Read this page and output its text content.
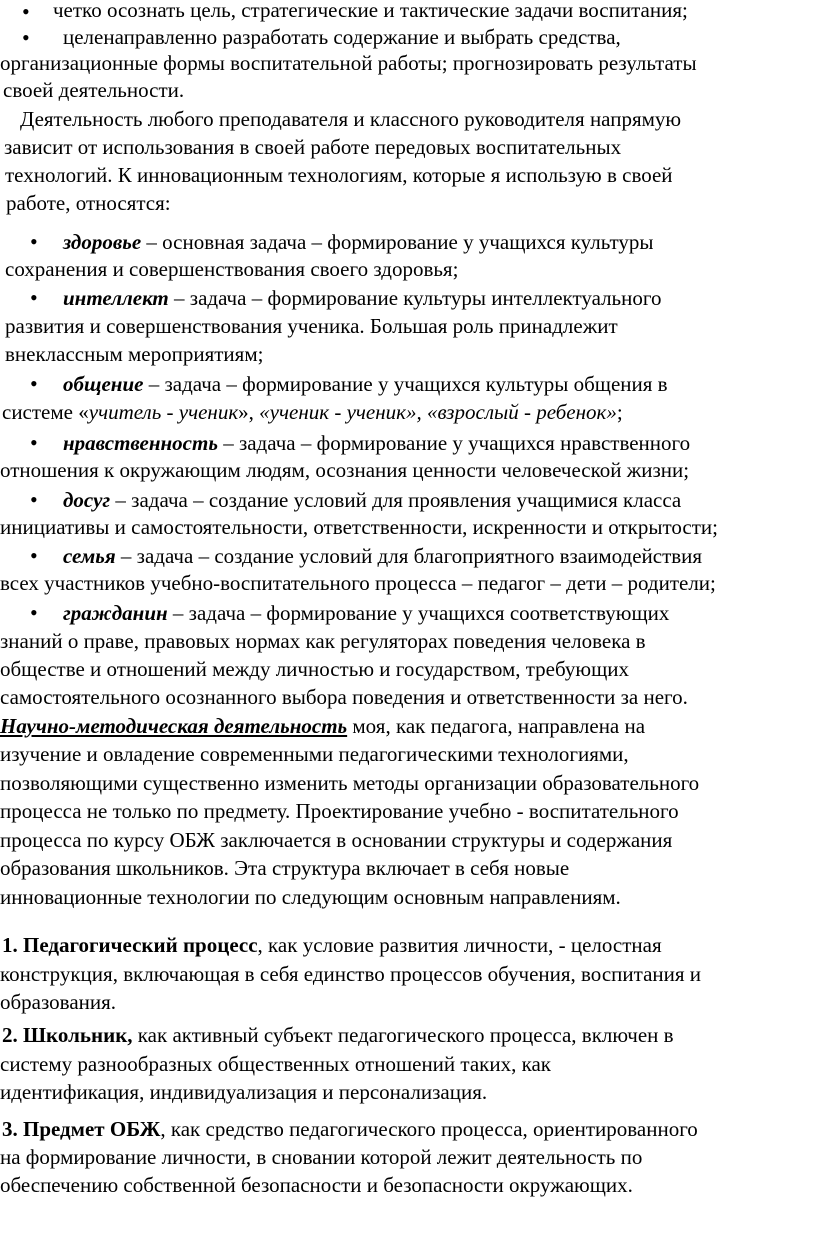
• четко осознать цель, стратегические и тактические задачи воспитания;
• целенаправленно разработать содержание и выбрать средства,
организационные формы воспитательной работы; прогнозировать результаты
своей деятельности.
Деятельность любого преподавателя и классного руководителя напрямую
зависит от использования в своей работе передовых воспитательных
технологий. К инновационным технологиям, которые я использую в своей
работе, относятся:
• здоровье – основная задача – формирование у учащихся культуры
сохранения и совершенствования своего здоровья;
• интеллект – задача – формирование культуры интеллектуального
развития и совершенствования ученика. Большая роль принадлежит
внеклассным мероприятиям;
• общение – задача – формирование у учащихся культуры общения в
системе «учитель - ученик», «ученик - ученик», «взрослый - ребенок»;
• нравственность – задача – формирование у учащихся нравственного
отношения к окружающим людям, осознания ценности человеческой жизни;
• досуг – задача – создание условий для проявления учащимися класса
инициативы и самостоятельности, ответственности, искренности и открытости;
• семья – задача – создание условий для благоприятного взаимодействия
всех участников учебно-воспитательного процесса – педагог – дети – родители;
• гражданин – задача – формирование у учащихся соответствующих
знаний о праве, правовых нормах как регуляторах поведения человека в
обществе и отношений между личностью и государством, требующих
самостоятельного осознанного выбора поведения и ответственности за него.
Научно-методическая деятельность моя, как педагога, направлена на
изучение и овладение современными педагогическими технологиями,
позволяющими существенно изменить методы организации образовательного
процесса не только по предмету. Проектирование учебно - воспитательного
процесса по курсу ОБЖ заключается в основании структуры и содержания
образования школьников. Эта структура включает в себя новые
инновационные технологии по следующим основным направлениям.
1. Педагогический процесс, как условие развития личности, - целостная
конструкция, включающая в себя единство процессов обучения, воспитания и
образования.
2. Школьник, как активный субъект педагогического процесса, включен в
систему разнообразных общественных отношений таких, как
идентификация, индивидуализация и персонализация.
3. Предмет ОБЖ, как средство педагогического процесса, ориентированного
на формирование личности, в сновании которой лежит деятельность по
обеспечению собственной безопасности и безопасности окружающих.
